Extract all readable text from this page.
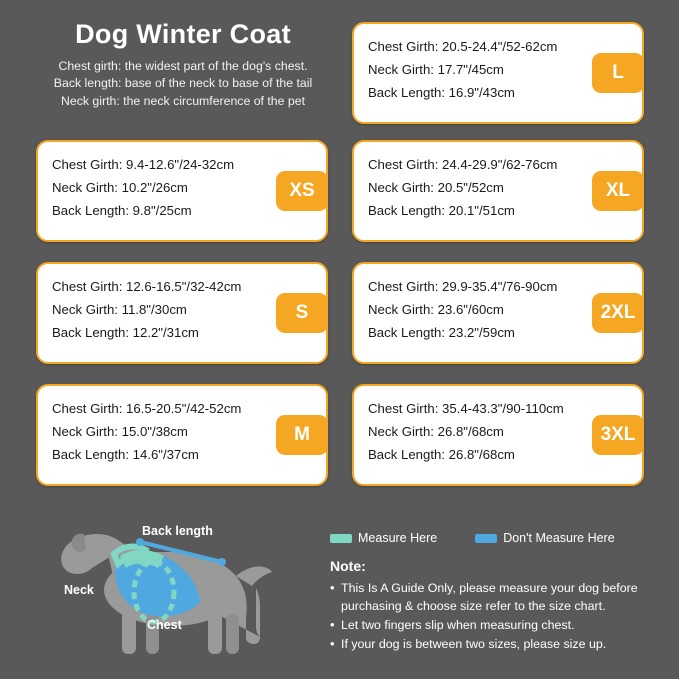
Dog Winter Coat
Chest girth: the widest part of the dog's chest.
Back length: base of the neck to base of the tail
Neck girth: the neck circumference of the pet
Chest Girth: 20.5-24.4"/52-62cm
Neck Girth: 17.7"/45cm
Back Length: 16.9"/43cm
L
Chest Girth: 9.4-12.6"/24-32cm
Neck Girth: 10.2"/26cm
Back Length: 9.8"/25cm
XS
Chest Girth: 24.4-29.9"/62-76cm
Neck Girth: 20.5"/52cm
Back Length: 20.1"/51cm
XL
Chest Girth: 12.6-16.5"/32-42cm
Neck Girth: 11.8"/30cm
Back Length: 12.2"/31cm
S
Chest Girth: 29.9-35.4"/76-90cm
Neck Girth: 23.6"/60cm
Back Length: 23.2"/59cm
2XL
Chest Girth: 16.5-20.5"/42-52cm
Neck Girth: 15.0"/38cm
Back Length: 14.6"/37cm
M
Chest Girth: 35.4-43.3"/90-110cm
Neck Girth: 26.8"/68cm
Back Length: 26.8"/68cm
3XL
Back length
Neck
Chest
Measure Here	Don't Measure Here
Note:
• This Is A Guide Only, please measure your dog before purchasing & choose size refer to the size chart.
• Let two fingers slip when measuring chest.
• If your dog is between two sizes, please size up.
